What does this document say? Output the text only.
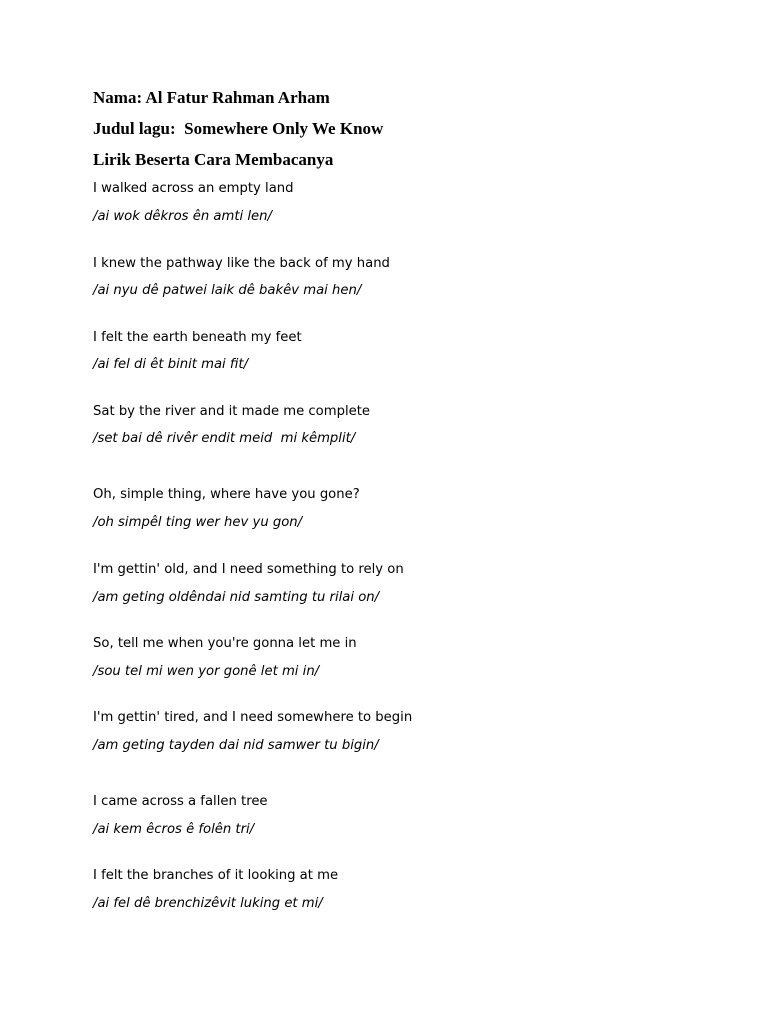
Nama: Al Fatur Rahman Arham
Judul lagu:  Somewhere Only We Know
Lirik Beserta Cara Membacanya
I walked across an empty land
/ai wok dêkros ên amti len/
I knew the pathway like the back of my hand
/ai nyu dê patwei laik dê bakêv mai hen/
I felt the earth beneath my feet
/ai fel di êt binit mai fit/
Sat by the river and it made me complete
/set bai dê rivêr endit meid  mi kêmplit/
Oh, simple thing, where have you gone?
/oh simpêl ting wer hev yu gon/
I'm gettin' old, and I need something to rely on
/am geting oldêndai nid samting tu rilai on/
So, tell me when you're gonna let me in
/sou tel mi wen yor gonê let mi in/
I'm gettin' tired, and I need somewhere to begin
/am geting tayden dai nid samwer tu bigin/
I came across a fallen tree
/ai kem êcros ê folên tri/
I felt the branches of it looking at me
/ai fel dê brenchizêvit luking et mi/
